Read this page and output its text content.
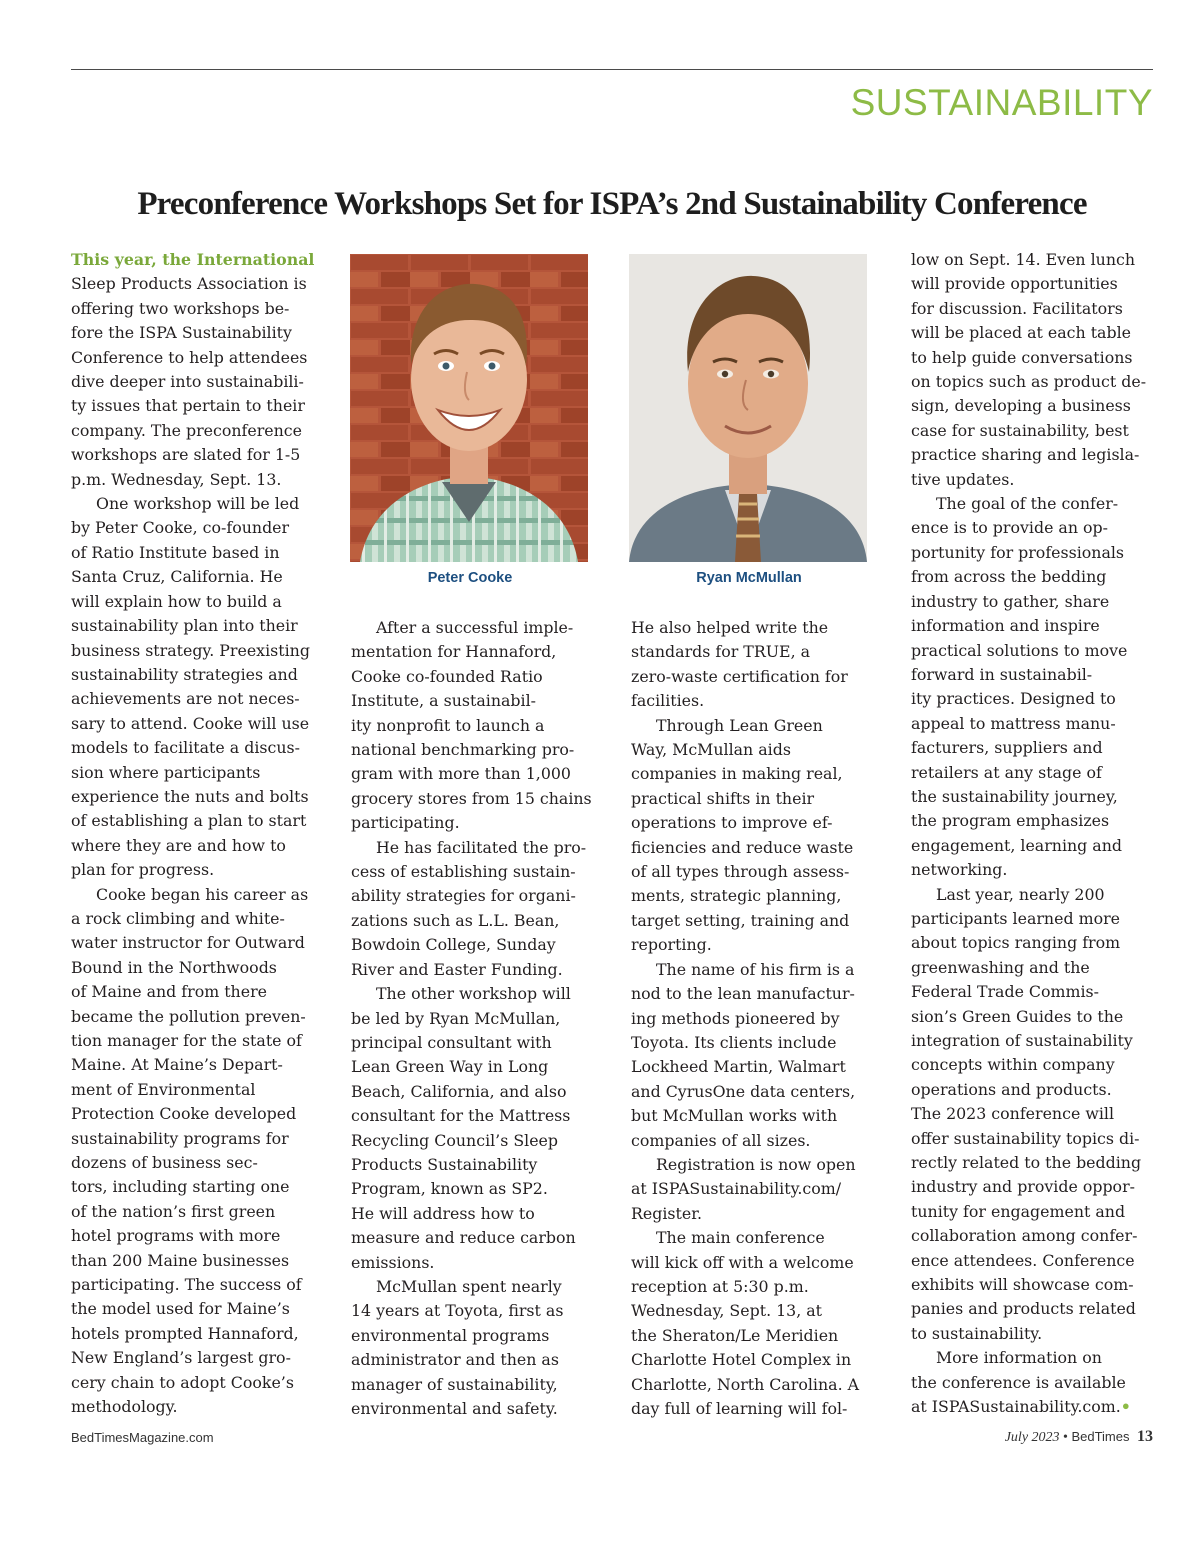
SUSTAINABILITY
Preconference Workshops Set for ISPA’s 2nd Sustainability Conference
This year, the International
Sleep Products Association is
offering two workshops be-
fore the ISPA Sustainability
Conference to help attendees
dive deeper into sustainabili-
ty issues that pertain to their
company. The preconference
workshops are slated for 1-5
p.m. Wednesday, Sept. 13.
One workshop will be led
by Peter Cooke, co-founder
of Ratio Institute based in
Santa Cruz, California. He
will explain how to build a
sustainability plan into their
business strategy. Preexisting
sustainability strategies and
achievements are not neces-
sary to attend. Cooke will use
models to facilitate a discus-
sion where participants
experience the nuts and bolts
of establishing a plan to start
where they are and how to
plan for progress.
Cooke began his career as
a rock climbing and white-
water instructor for Outward
Bound in the Northwoods
of Maine and from there
became the pollution preven-
tion manager for the state of
Maine. At Maine’s Depart-
ment of Environmental
Protection Cooke developed
sustainability programs for
dozens of business sec-
tors, including starting one
of the nation’s first green
hotel programs with more
than 200 Maine businesses
participating. The success of
the model used for Maine’s
hotels prompted Hannaford,
New England’s largest gro-
cery chain to adopt Cooke’s
methodology.
Peter Cooke	Ryan McMullan
After a successful imple-
mentation for Hannaford,
Cooke co-founded Ratio
Institute, a sustainabil-
ity nonprofit to launch a
national benchmarking pro-
gram with more than 1,000
grocery stores from 15 chains
participating.
He has facilitated the pro-
cess of establishing sustain-
ability strategies for organi-
zations such as L.L. Bean,
Bowdoin College, Sunday
River and Easter Funding.
The other workshop will
be led by Ryan McMullan,
principal consultant with
Lean Green Way in Long
Beach, California, and also
consultant for the Mattress
Recycling Council’s Sleep
Products Sustainability
Program, known as SP2.
He will address how to
measure and reduce carbon
emissions.
McMullan spent nearly
14 years at Toyota, first as
environmental programs
administrator and then as
manager of sustainability,
environmental and safety.
He also helped write the
standards for TRUE, a
zero-waste certification for
facilities.
Through Lean Green
Way, McMullan aids
companies in making real,
practical shifts in their
operations to improve ef-
ficiencies and reduce waste
of all types through assess-
ments, strategic planning,
target setting, training and
reporting.
The name of his firm is a
nod to the lean manufactur-
ing methods pioneered by
Toyota. Its clients include
Lockheed Martin, Walmart
and CyrusOne data centers,
but McMullan works with
companies of all sizes.
Registration is now open
at ISPASustainability.com/
Register.
The main conference
will kick off with a welcome
reception at 5:30 p.m.
Wednesday, Sept. 13, at
the Sheraton/Le Meridien
Charlotte Hotel Complex in
Charlotte, North Carolina. A
day full of learning will fol-
low on Sept. 14. Even lunch
will provide opportunities
for discussion. Facilitators
will be placed at each table
to help guide conversations
on topics such as product de-
sign, developing a business
case for sustainability, best
practice sharing and legisla-
tive updates.
The goal of the confer-
ence is to provide an op-
portunity for professionals
from across the bedding
industry to gather, share
information and inspire
practical solutions to move
forward in sustainabil-
ity practices. Designed to
appeal to mattress manu-
facturers, suppliers and
retailers at any stage of
the sustainability journey,
the program emphasizes
engagement, learning and
networking.
Last year, nearly 200
participants learned more
about topics ranging from
greenwashing and the
Federal Trade Commis-
sion’s Green Guides to the
integration of sustainability
concepts within company
operations and products.
The 2023 conference will
offer sustainability topics di-
rectly related to the bedding
industry and provide oppor-
tunity for engagement and
collaboration among confer-
ence attendees. Conference
exhibits will showcase com-
panies and products related
to sustainability.
More information on
the conference is available
at ISPASustainability.com.•
BedTimesMagazine.com	July 2023 • BedTimes 13
